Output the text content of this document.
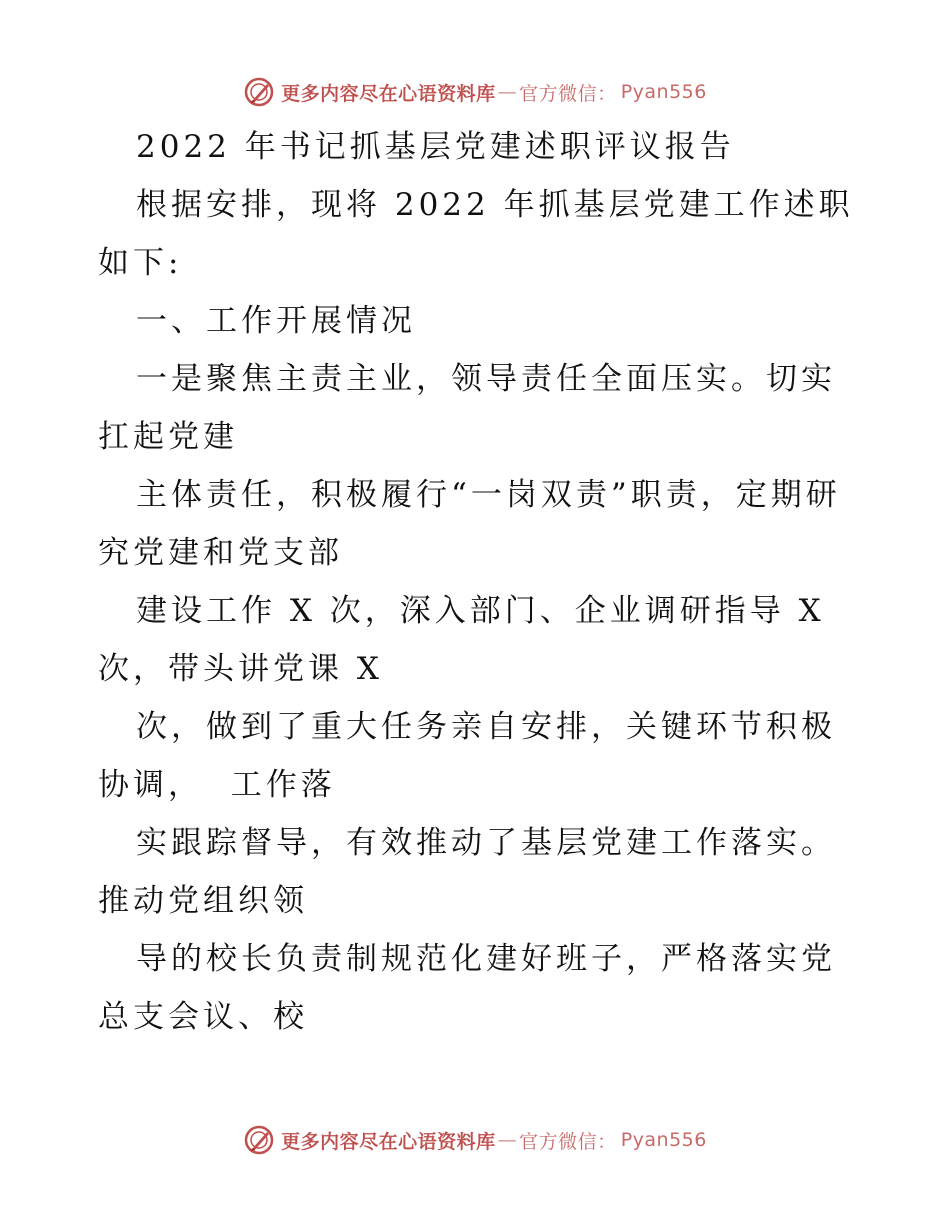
更多内容尽在心语资料库 — 官方微信： Pyan556

2022 年书记抓基层党建述职评议报告

根据安排，现将 2022 年抓基层党建工作述职如下:

一、工作开展情况

一是聚焦主责主业，领导责任全面压实。切实扛起党建

主体责任，积极履行“一岗双责”职责，定期研究党建和党支部

建设工作 X 次，深入部门、企业调研指导 X 次，带头讲党课 X

次，做到了重大任务亲自安排，关键环节积极协调，  工作落

实跟踪督导，有效推动了基层党建工作落实。推动党组织领

导的校长负责制规范化建好班子，严格落实党总支会议、校

更多内容尽在心语资料库 — 官方微信： Pyan556
